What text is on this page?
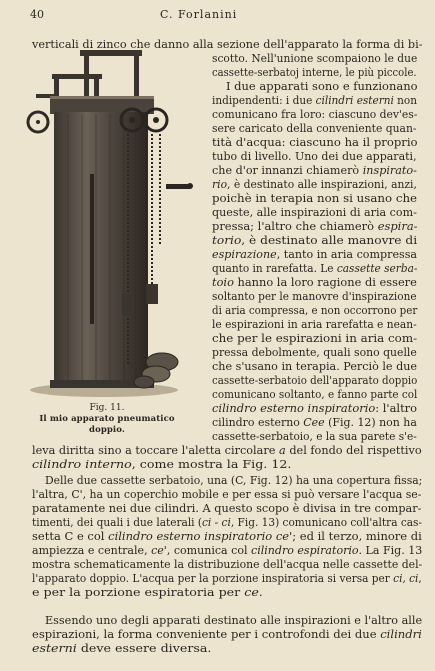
40	C. Forlanini
Fig. 11.
Il mio apparato pneumatico doppio.
verticali di zinco che danno alla sezione dell'apparato la forma di bi-
scotto. Nell'unione scompaiono le due
cassette-serbatoj interne, le più piccole.
I due apparati sono e funzionano
indipendenti: i due cilindri esterni non
comunicano fra loro: ciascuno dev'es-
sere caricato della conveniente quan-
tità d'acqua: ciascuno ha il proprio
tubo di livello. Uno dei due apparati,
che d'or innanzi chiamerò inspirato-
rio, è destinato alle inspirazioni, anzi,
poichè in terapia non si usano che
queste, alle inspirazioni di aria com-
pressa; l'altro che chiamerò espira-
torio, è destinato alle manovre di
espirazione, tanto in aria compressa
quanto in rarefatta. Le cassette serba-
toio hanno la loro ragione di essere
soltanto per le manovre d'inspirazione
di aria compressa, e non occorrono per
le espirazioni in aria rarefatta e nean-
che per le espirazioni in aria com-
pressa debolmente, quali sono quelle
che s'usano in terapia. Perciò le due
cassette-serbatoio dell'apparato doppio
comunicano soltanto, e fanno parte col
cilindro esterno inspiratorio: l'altro
cilindro esterno Cee (Fig. 12) non ha
cassette-serbatoio, e la sua parete s'e-
leva diritta sino a toccare l'aletta circolare a del fondo del rispettivo
cilindro interno, come mostra la Fig. 12.
Delle due cassette serbatoio, una (C, Fig. 12) ha una copertura fissa;
l'altra, C', ha un coperchio mobile e per essa si può versare l'acqua se-
paratamente nei due cilindri. A questo scopo è divisa in tre compar-
timenti, dei quali i due laterali (ci - ci, Fig. 13) comunicano coll'altra cas-
setta C e col cilindro esterno inspiratorio ce'; ed il terzo, minore di
ampiezza e centrale, ce', comunica col cilindro espiratorio. La Fig. 13
mostra schematicamente la distribuzione dell'acqua nelle cassette del-
l'apparato doppio. L'acqua per la porzione inspiratoria si versa per ci, ci,
e per la porzione espiratoria per ce.
Essendo uno degli apparati destinato alle inspirazioni e l'altro alle
espirazioni, la forma conveniente per i controfondi dei due cilindri
esterni deve essere diversa.
